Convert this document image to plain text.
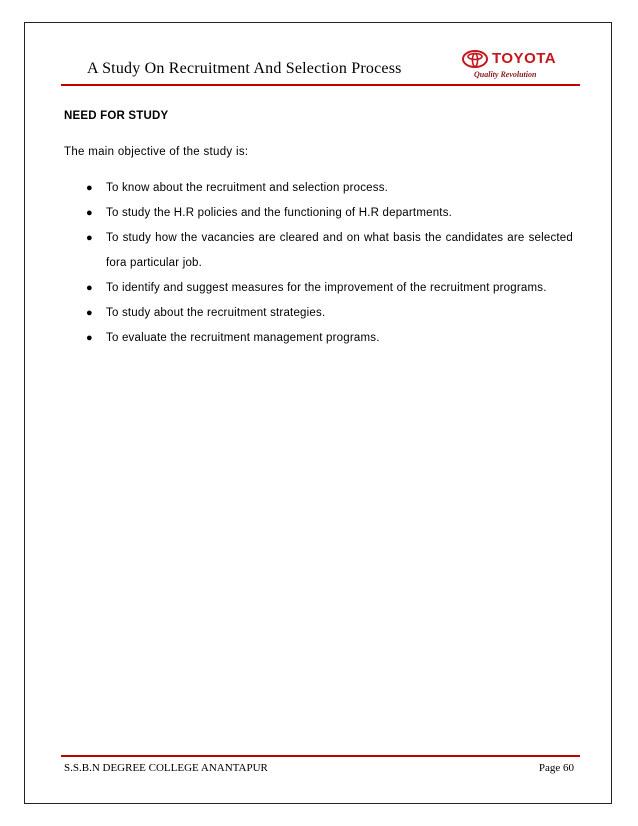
A Study On Recruitment And Selection Process
TOYOTA
Quality Revolution
NEED FOR STUDY
The main objective of the study is:
● To know about the recruitment and selection process.
● To study the H.R policies and the functioning of H.R departments.
● To study how the vacancies are cleared and on what basis the candidates are selected fora particular job.
● To identify and suggest measures for the improvement of the recruitment programs.
● To study about the recruitment strategies.
● To evaluate the recruitment management programs.
S.S.B.N DEGREE COLLEGE ANANTAPUR	Page 60
